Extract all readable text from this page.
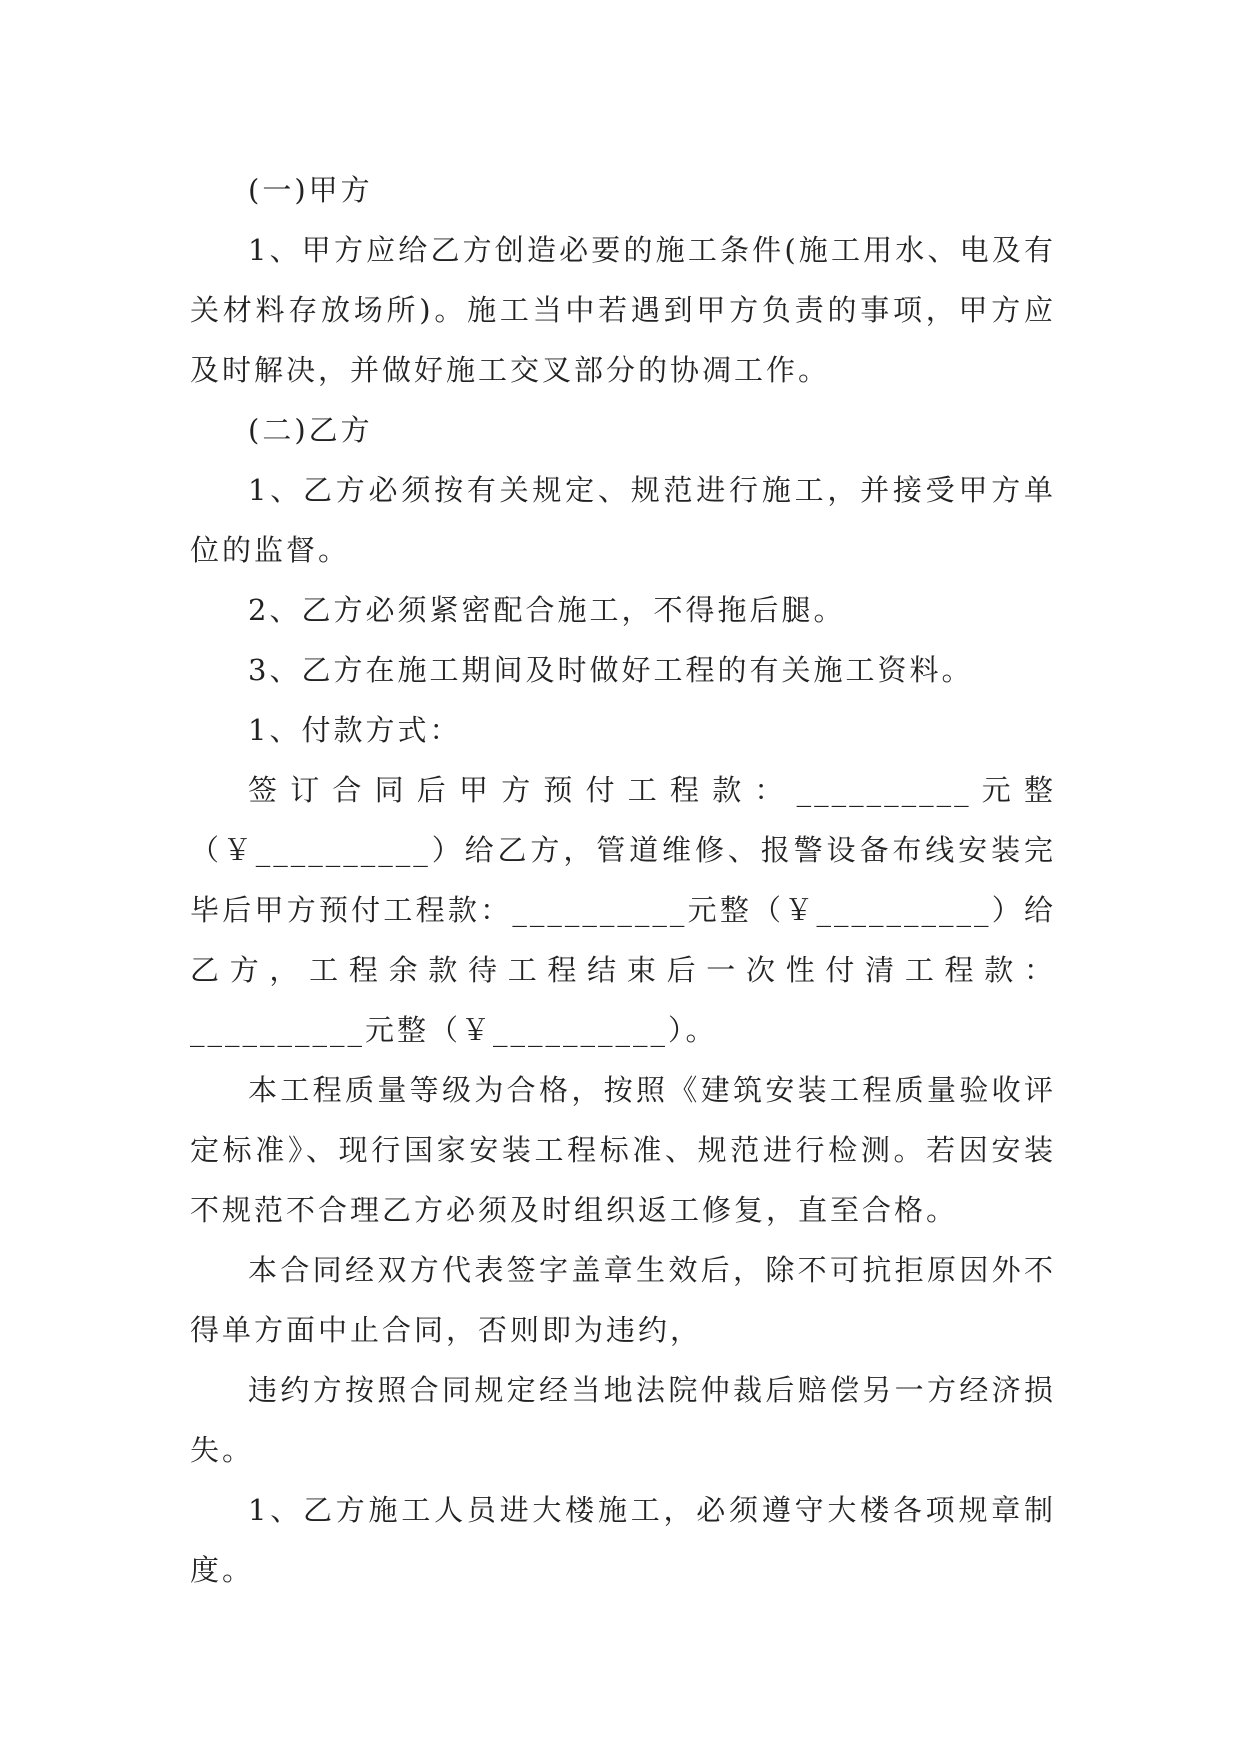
(一)甲方

1、甲方应给乙方创造必要的施工条件(施工用水、电及有关材料存放场所)。施工当中若遇到甲方负责的事项，甲方应及时解决，并做好施工交叉部分的协凋工作。

(二)乙方

1、乙方必须按有关规定、规范进行施工，并接受甲方单位的监督。

2、乙方必须紧密配合施工，不得拖后腿。

3、乙方在施工期间及时做好工程的有关施工资料。

1、付款方式：

签订合同后甲方预付工程款：__________元整（￥__________）给乙方，管道维修、报警设备布线安装完毕后甲方预付工程款：__________元整（￥__________）给乙方，工程余款待工程结束后一次性付清工程款：__________元整（￥__________）。

本工程质量等级为合格，按照《建筑安装工程质量验收评定标准》、现行国家安装工程标准、规范进行检测。若因安装不规范不合理乙方必须及时组织返工修复，直至合格。

本合同经双方代表签字盖章生效后，除不可抗拒原因外不得单方面中止合同，否则即为违约，

违约方按照合同规定经当地法院仲裁后赔偿另一方经济损失。

1、乙方施工人员进大楼施工，必须遵守大楼各项规章制度。
